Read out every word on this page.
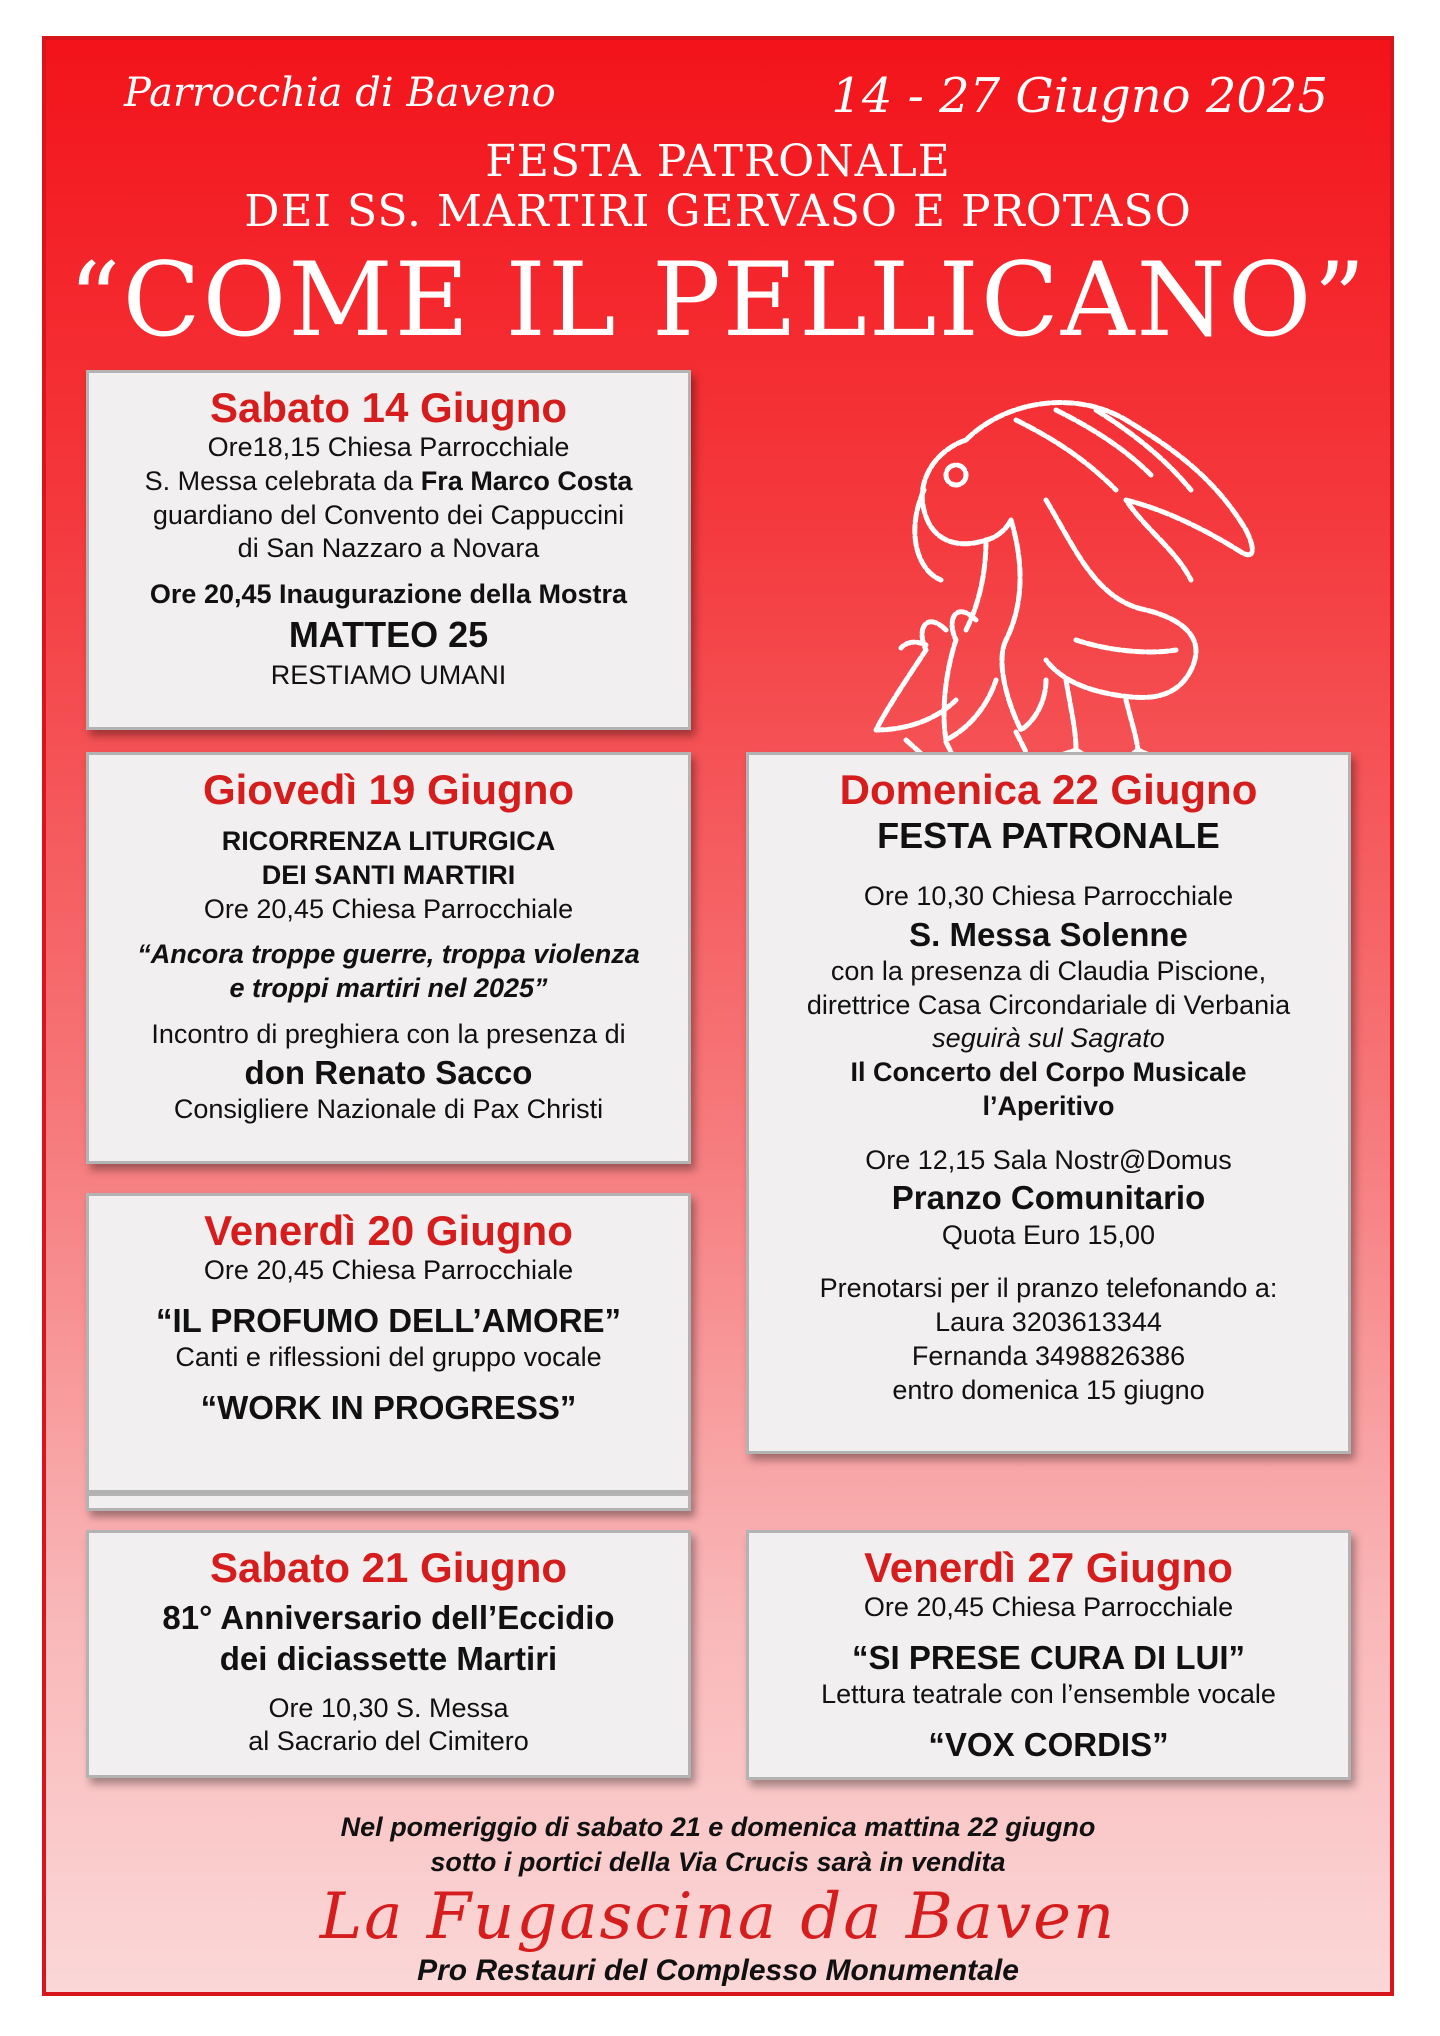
Parrocchia di Baveno	14 - 27 Giugno 2025
FESTA PATRONALE
DEI SS. MARTIRI GERVASO E PROTASO
“COME IL PELLICANO”
Sabato 14 Giugno
Ore18,15 Chiesa Parrocchiale
S. Messa celebrata da Fra Marco Costa
guardiano del Convento dei Cappuccini
di San Nazzaro a Novara
Ore 20,45 Inaugurazione della Mostra
MATTEO 25
RESTIAMO UMANI
Giovedì 19 Giugno
RICORRENZA LITURGICA
DEI SANTI MARTIRI
Ore 20,45 Chiesa Parrocchiale
“Ancora troppe guerre, troppa violenza
e troppi martiri nel 2025”
Incontro di preghiera con la presenza di
don Renato Sacco
Consigliere Nazionale di Pax Christi
Venerdì 20 Giugno
Ore 20,45 Chiesa Parrocchiale
“IL PROFUMO DELL’AMORE”
Canti e riflessioni del gruppo vocale
“WORK IN PROGRESS”
Sabato 21 Giugno
81° Anniversario dell’Eccidio
dei diciassette Martiri
Ore 10,30 S. Messa
al Sacrario del Cimitero
Domenica 22 Giugno
FESTA PATRONALE
Ore 10,30 Chiesa Parrocchiale
S. Messa Solenne
con la presenza di Claudia Piscione,
direttrice Casa Circondariale di Verbania
seguirà sul Sagrato
Il Concerto del Corpo Musicale
l’Aperitivo
Ore 12,15 Sala Nostr@Domus
Pranzo Comunitario
Quota Euro 15,00
Prenotarsi per il pranzo telefonando a:
Laura 3203613344
Fernanda 3498826386
entro domenica 15 giugno
Venerdì 27 Giugno
Ore 20,45 Chiesa Parrocchiale
“SI PRESE CURA DI LUI”
Lettura teatrale con l’ensemble vocale
“VOX CORDIS”
Nel pomeriggio di sabato 21 e domenica mattina 22 giugno
sotto i portici della Via Crucis sarà in vendita
La Fugascina da Baven
Pro Restauri del Complesso Monumentale
